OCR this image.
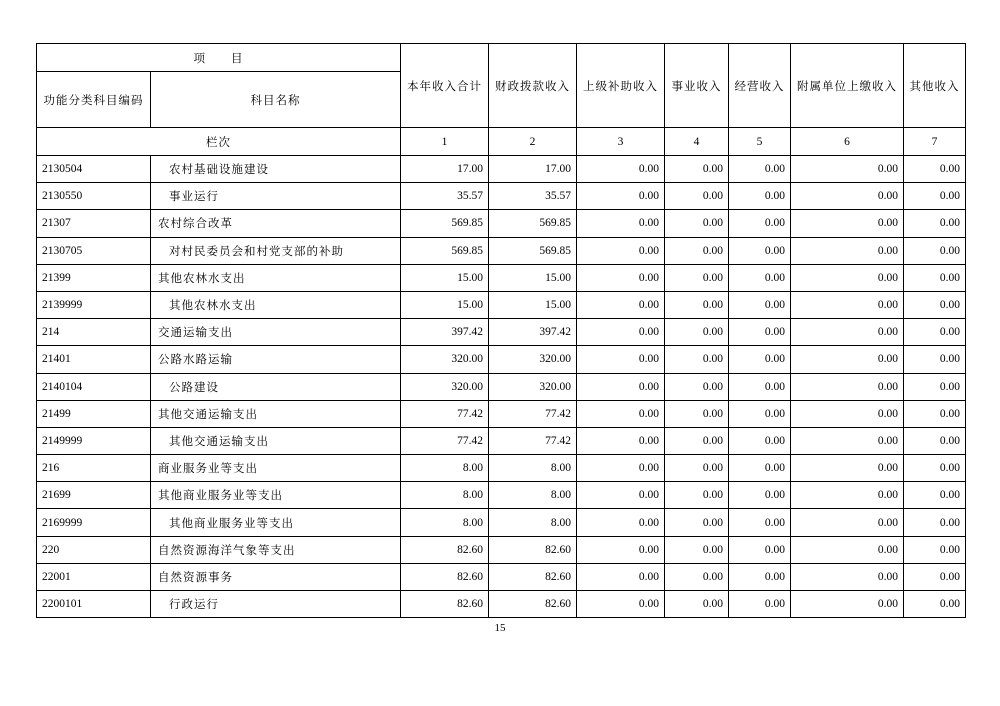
项　　目		本年收入合计	财政拨款收入	上级补助收入	事业收入	经营收入	附属单位上缴收入	其他收入
功能分类科目编码	科目名称							
栏次		1	2	3	4	5	6	7
2130504	农村基础设施建设	17.00	17.00	0.00	0.00	0.00	0.00	0.00
2130550	事业运行	35.57	35.57	0.00	0.00	0.00	0.00	0.00
21307	农村综合改革	569.85	569.85	0.00	0.00	0.00	0.00	0.00
2130705	对村民委员会和村党支部的补助	569.85	569.85	0.00	0.00	0.00	0.00	0.00
21399	其他农林水支出	15.00	15.00	0.00	0.00	0.00	0.00	0.00
2139999	其他农林水支出	15.00	15.00	0.00	0.00	0.00	0.00	0.00
214	交通运输支出	397.42	397.42	0.00	0.00	0.00	0.00	0.00
21401	公路水路运输	320.00	320.00	0.00	0.00	0.00	0.00	0.00
2140104	公路建设	320.00	320.00	0.00	0.00	0.00	0.00	0.00
21499	其他交通运输支出	77.42	77.42	0.00	0.00	0.00	0.00	0.00
2149999	其他交通运输支出	77.42	77.42	0.00	0.00	0.00	0.00	0.00
216	商业服务业等支出	8.00	8.00	0.00	0.00	0.00	0.00	0.00
21699	其他商业服务业等支出	8.00	8.00	0.00	0.00	0.00	0.00	0.00
2169999	其他商业服务业等支出	8.00	8.00	0.00	0.00	0.00	0.00	0.00
220	自然资源海洋气象等支出	82.60	82.60	0.00	0.00	0.00	0.00	0.00
22001	自然资源事务	82.60	82.60	0.00	0.00	0.00	0.00	0.00
2200101	行政运行	82.60	82.60	0.00	0.00	0.00	0.00	0.00
15
